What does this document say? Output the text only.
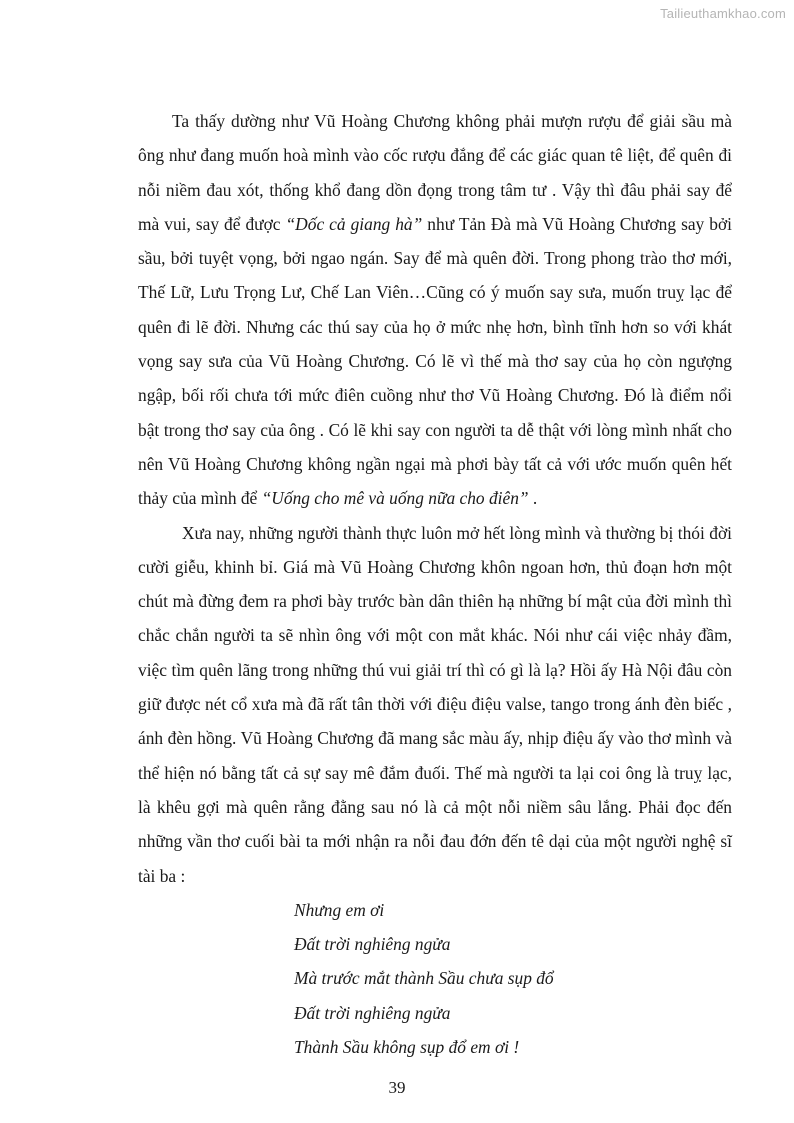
Tailieuthamkhao.com

Ta thấy dường như Vũ Hoàng Chương không phải mượn rượu để giải sầu mà ông như đang muốn hoà mình vào cốc rượu đắng để các giác quan tê liệt, để quên đi nỗi niềm đau xót, thống khổ đang dồn đọng trong tâm tư . Vậy thì đâu phải say để mà vui, say để được “Dốc cả giang hà” như Tản Đà mà Vũ Hoàng Chương say bởi sầu, bởi tuyệt vọng, bởi ngao ngán. Say để mà quên đời. Trong phong trào thơ mới, Thế Lữ, Lưu Trọng Lư, Chế Lan Viên…Cũng có ý muốn say sưa, muốn truỵ lạc để quên đi lẽ đời. Nhưng các thú say của họ ở mức nhẹ hơn, bình tĩnh hơn so với khát vọng say sưa của Vũ Hoàng Chương. Có lẽ vì thế mà thơ say của họ còn ngượng ngập, bối rối chưa tới mức điên cuồng như thơ Vũ Hoàng Chương. Đó là điểm nổi bật trong thơ say của ông . Có lẽ khi say con người ta dễ thật với lòng mình nhất cho nên Vũ Hoàng Chương không ngần ngại mà phơi bày tất cả với ước muốn quên hết thảy của mình để “Uống cho mê và uống nữa cho điên” .

Xưa nay, những người thành thực luôn mở hết lòng mình và thường bị thói đời cười giễu, khinh bỉ. Giá mà Vũ Hoàng Chương khôn ngoan hơn, thủ đoạn hơn một chút mà đừng đem ra phơi bày trước bàn dân thiên hạ những bí mật của đời mình thì chắc chắn người ta sẽ nhìn ông với một con mắt khác. Nói như cái việc nhảy đầm, việc tìm quên lãng trong những thú vui giải trí thì có gì là lạ? Hồi ấy Hà Nội đâu còn giữ được nét cổ xưa mà đã rất tân thời với điệu điệu valse, tango trong ánh đèn biếc , ánh đèn hồng. Vũ Hoàng Chương đã mang sắc màu ấy, nhịp điệu ấy vào thơ mình và thể hiện nó bằng tất cả sự say mê đắm đuối. Thế mà người ta lại coi ông là truỵ lạc, là khêu gợi mà quên rằng đằng sau nó là cả một nỗi niềm sâu lắng. Phải đọc đến những vần thơ cuối bài ta mới nhận ra nỗi đau đớn đến tê dại của một người nghệ sĩ tài ba :

Nhưng em ơi
Đất trời nghiêng ngửa
Mà trước mắt thành Sầu chưa sụp đổ
Đất trời nghiêng ngửa
Thành Sầu không sụp đổ em ơi !
39
